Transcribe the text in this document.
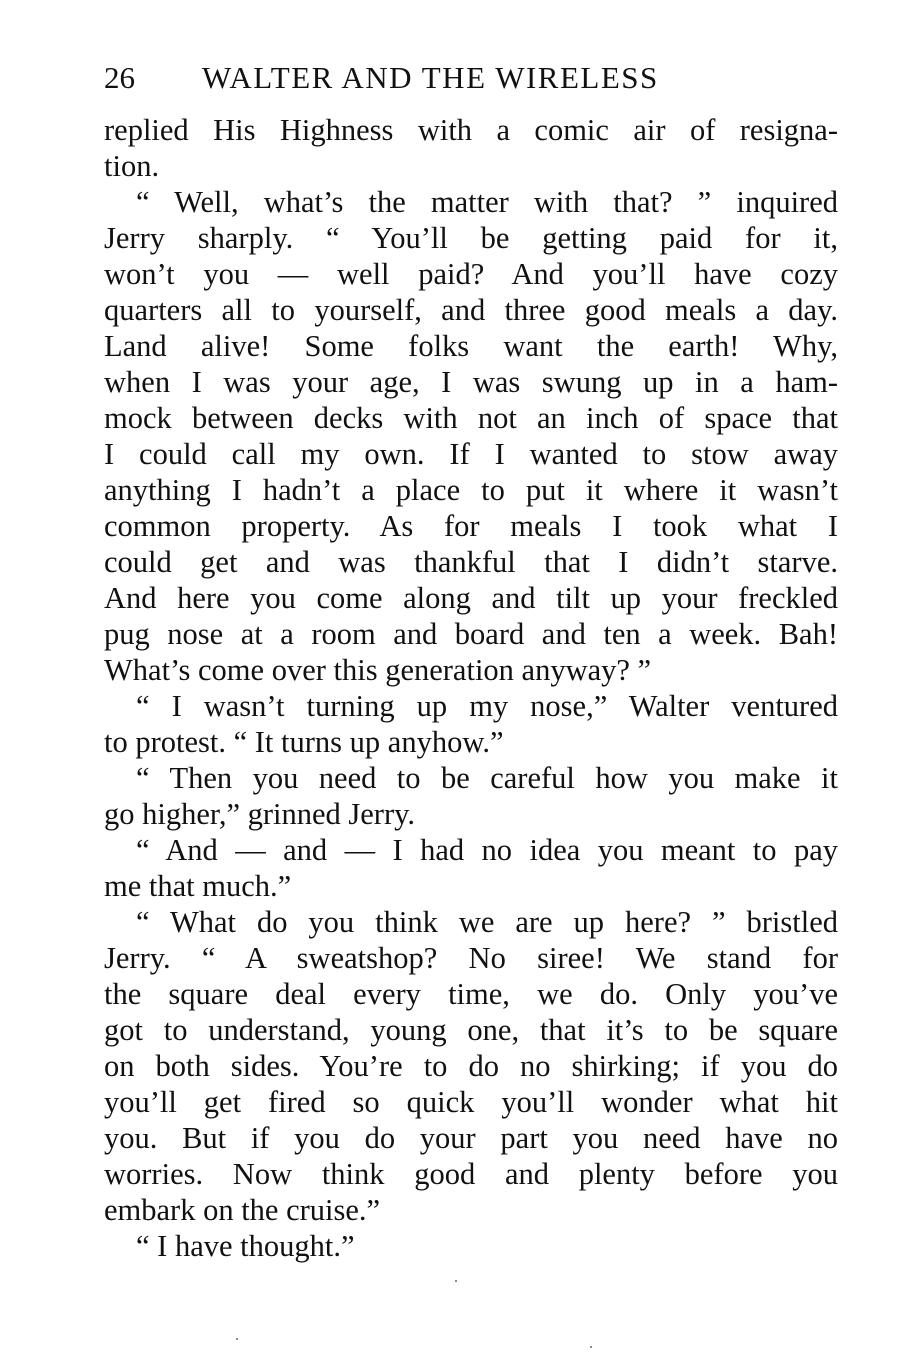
26 WALTER AND THE WIRELESS
replied His Highness with a comic air of resigna-
tion.
“ Well, what’s the matter with that? ” inquired
Jerry sharply. “ You’ll be getting paid for it,
won’t you — well paid? And you’ll have cozy
quarters all to yourself, and three good meals a day.
Land alive! Some folks want the earth! Why,
when I was your age, I was swung up in a ham-
mock between decks with not an inch of space that
I could call my own. If I wanted to stow away
anything I hadn’t a place to put it where it wasn’t
common property. As for meals I took what I
could get and was thankful that I didn’t starve.
And here you come along and tilt up your freckled
pug nose at a room and board and ten a week. Bah!
What’s come over this generation anyway? ”
“ I wasn’t turning up my nose,” Walter ventured
to protest. “ It turns up anyhow.”
“ Then you need to be careful how you make it
go higher,” grinned Jerry.
“ And — and — I had no idea you meant to pay
me that much.”
“ What do you think we are up here? ” bristled
Jerry. “ A sweatshop? No siree! We stand for
the square deal every time, we do. Only you’ve
got to understand, young one, that it’s to be square
on both sides. You’re to do no shirking; if you do
you’ll get fired so quick you’ll wonder what hit
you. But if you do your part you need have no
worries. Now think good and plenty before you
embark on the cruise.”
“ I have thought.”
